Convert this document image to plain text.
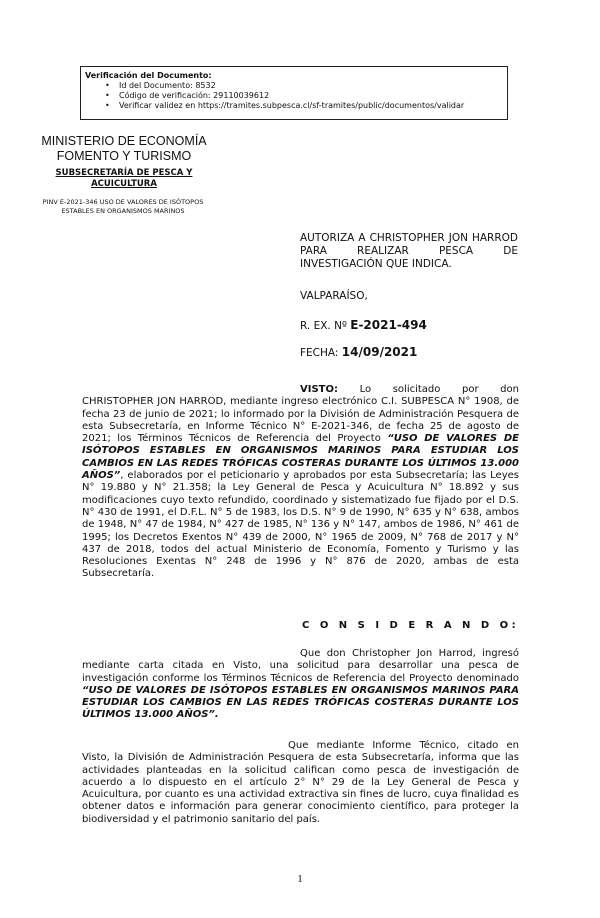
Verificación del Documento:
• Id del Documento: 8532
• Código de verificación: 29110039612
• Verificar validez en https://tramites.subpesca.cl/sf-tramites/public/documentos/validar
MINISTERIO DE ECONOMÍA
FOMENTO Y TURISMO
SUBSECRETARÍA DE PESCA Y ACUICULTURA
PINV E-2021-346 USO DE VALORES DE ISÓTOPOS ESTABLES EN ORGANISMOS MARINOS
AUTORIZA A CHRISTOPHER JON HARROD PARA REALIZAR PESCA DE INVESTIGACIÓN QUE INDICA.
VALPARAÍSO,
R. EX. Nº E-2021-494
FECHA: 14/09/2021

VISTO: Lo solicitado por don CHRISTOPHER JON HARROD, mediante ingreso electrónico C.I. SUBPESCA N° 1908, de fecha 23 de junio de 2021; lo informado por la División de Administración Pesquera de esta Subsecretaría, en Informe Técnico N° E-2021-346, de fecha 25 de agosto de 2021; los Términos Técnicos de Referencia del Proyecto “USO DE VALORES DE ISÓTOPOS ESTABLES EN ORGANISMOS MARINOS PARA ESTUDIAR LOS CAMBIOS EN LAS REDES TRÓFICAS COSTERAS DURANTE LOS ÚLTIMOS 13.000 AÑOS”, elaborados por el peticionario y aprobados por esta Subsecretaría; las Leyes N° 19.880 y N° 21.358; la Ley General de Pesca y Acuicultura N° 18.892 y sus modificaciones cuyo texto refundido, coordinado y sistematizado fue fijado por el D.S. N° 430 de 1991, el D.F.L. N° 5 de 1983, los D.S. N° 9 de 1990, N° 635 y N° 638, ambos de 1948, N° 47 de 1984, N° 427 de 1985, N° 136 y N° 147, ambos de 1986, N° 461 de 1995; los Decretos Exentos N° 439 de 2000, N° 1965 de 2009, N° 768 de 2017 y N° 437 de 2018, todos del actual Ministerio de Economía, Fomento y Turismo y las Resoluciones Exentas N° 248 de 1996 y N° 876 de 2020, ambas de esta Subsecretaría.

C O N S I D E R A N D O:

Que don Christopher Jon Harrod, ingresó mediante carta citada en Visto, una solicitud para desarrollar una pesca de investigación conforme los Términos Técnicos de Referencia del Proyecto denominado “USO DE VALORES DE ISÓTOPOS ESTABLES EN ORGANISMOS MARINOS PARA ESTUDIAR LOS CAMBIOS EN LAS REDES TRÓFICAS COSTERAS DURANTE LOS ÚLTIMOS 13.000 AÑOS”.

Que mediante Informe Técnico, citado en Visto, la División de Administración Pesquera de esta Subsecretaría, informa que las actividades planteadas en la solicitud califican como pesca de investigación de acuerdo a lo dispuesto en el artículo 2° N° 29 de la Ley General de Pesca y Acuicultura, por cuanto es una actividad extractiva sin fines de lucro, cuya finalidad es obtener datos e información para generar conocimiento científico, para proteger la biodiversidad y el patrimonio sanitario del país.

1
